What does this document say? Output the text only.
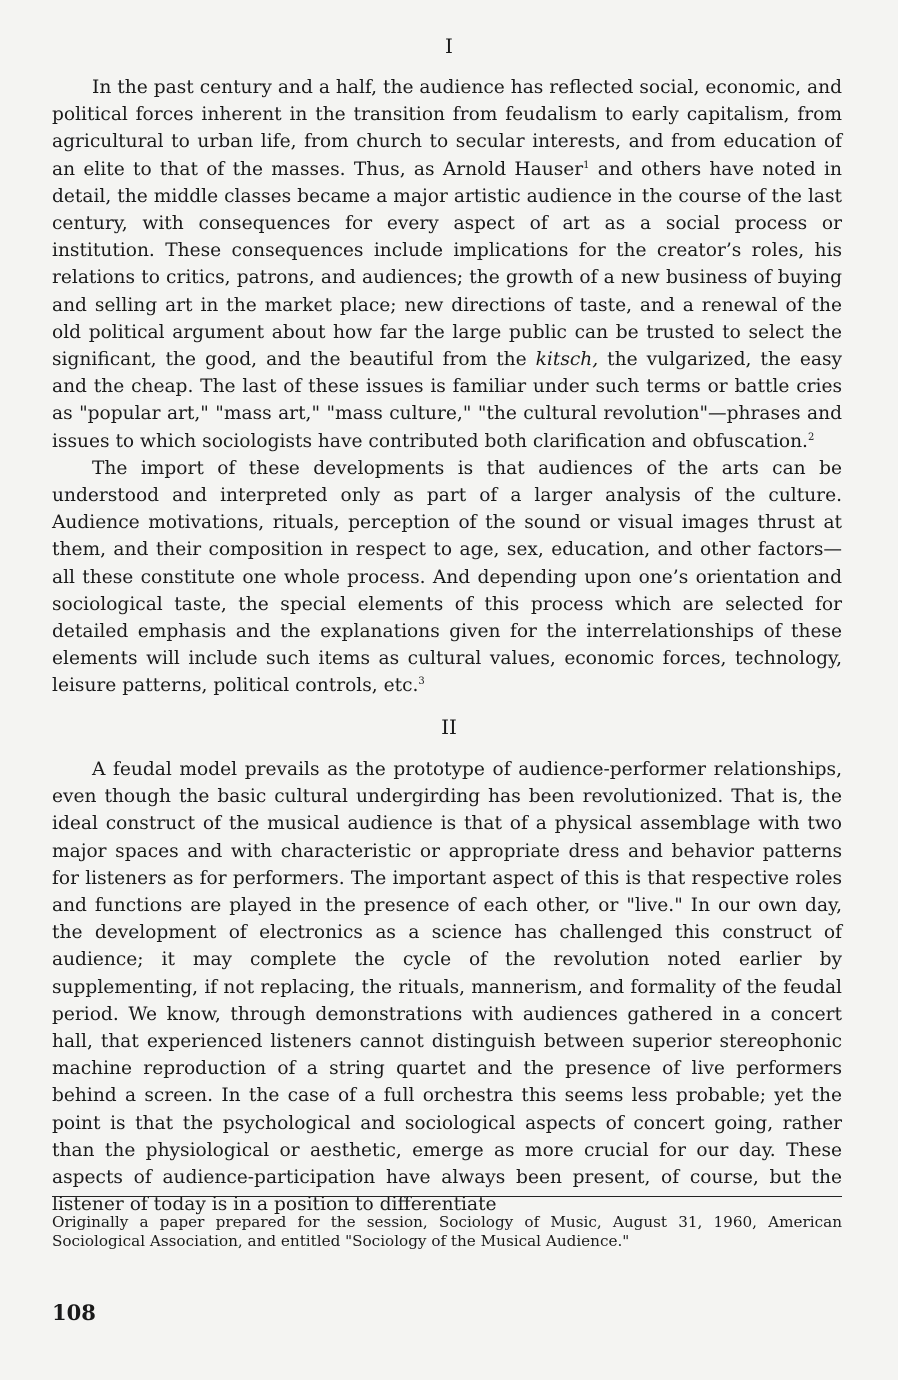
I

In the past century and a half, the audience has reflected social, economic, and political forces inherent in the transition from feudalism to early capitalism, from agricultural to urban life, from church to secular interests, and from education of an elite to that of the masses. Thus, as Arnold Hauser$^1$ and others have noted in detail, the middle classes became a major artistic audience in the course of the last century, with consequences for every aspect of art as a social process or institution. These consequences include implications for the creator’s roles, his relations to critics, patrons, and audiences; the growth of a new business of buying and selling art in the market place; new directions of taste, and a renewal of the old political argument about how far the large public can be trusted to select the significant, the good, and the beautiful from the kitsch, the vulgarized, the easy and the cheap. The last of these issues is familiar under such terms or battle cries as "popular art," "mass art," "mass culture," "the cultural revolution"—phrases and issues to which sociologists have contributed both clarification and obfuscation.$^2$

The import of these developments is that audiences of the arts can be understood and interpreted only as part of a larger analysis of the culture. Audience motivations, rituals, perception of the sound or visual images thrust at them, and their composition in respect to age, sex, education, and other factors—all these constitute one whole process. And depending upon one’s orientation and sociological taste, the special elements of this process which are selected for detailed emphasis and the explanations given for the interrelationships of these elements will include such items as cultural values, economic forces, technology, leisure patterns, political controls, etc.$^3$

II

A feudal model prevails as the prototype of audience-performer relationships, even though the basic cultural undergirding has been revolutionized. That is, the ideal construct of the musical audience is that of a physical assemblage with two major spaces and with characteristic or appropriate dress and behavior patterns for listeners as for performers. The important aspect of this is that respective roles and functions are played in the presence of each other, or "live." In our own day, the development of electronics as a science has challenged this construct of audience; it may complete the cycle of the revolution noted earlier by supplementing, if not replacing, the rituals, mannerism, and formality of the feudal period. We know, through demonstrations with audiences gathered in a concert hall, that experienced listeners cannot distinguish between superior stereophonic machine reproduction of a string quartet and the presence of live performers behind a screen. In the case of a full orchestra this seems less probable; yet the point is that the psychological and sociological aspects of concert going, rather than the physiological or aesthetic, emerge as more crucial for our day. These aspects of audience-participation have always been present, of course, but the listener of today is in a position to differentiate

Originally a paper prepared for the session, Sociology of Music, August 31, 1960, American Sociological Association, and entitled "Sociology of the Musical Audience."

108
